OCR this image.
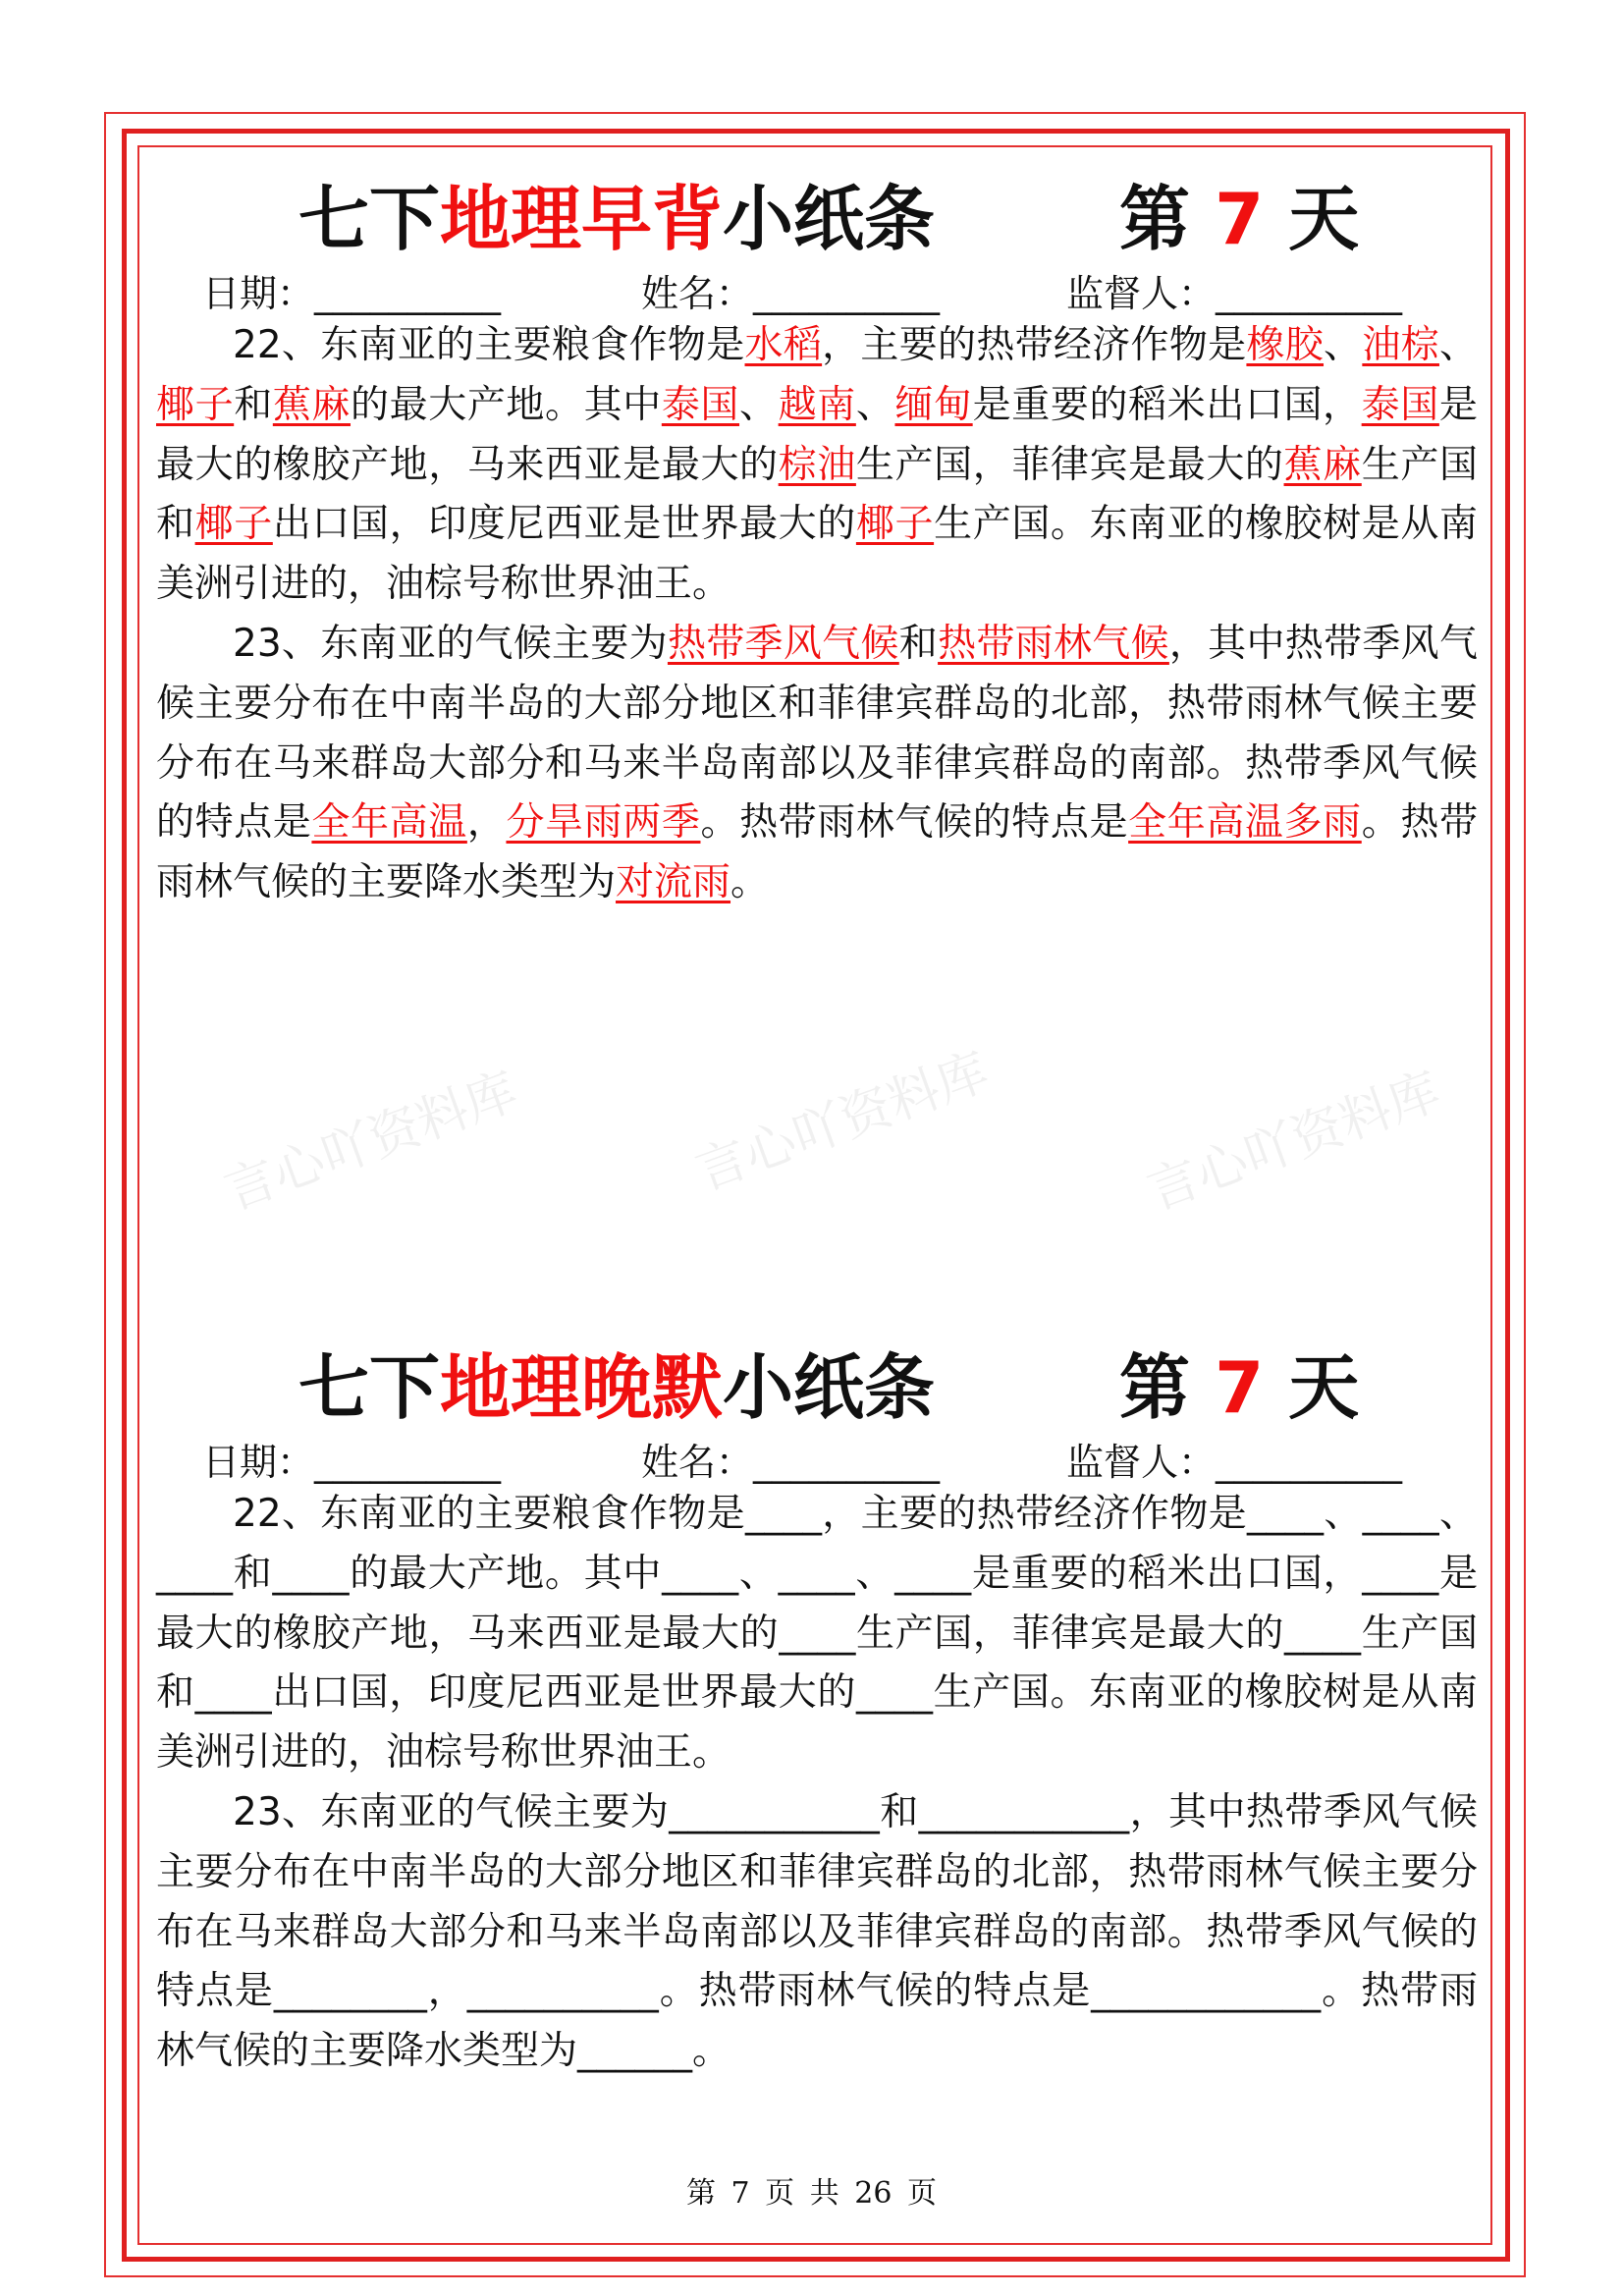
言心吖资料库	言心吖资料库	言心吖资料库

七下地理早背小纸条

	第 7 天

日期：__________	姓名：__________	监督人：__________

22、东南亚的主要粮食作物是水稻，主要的热带经济作物是橡胶、油棕、椰子和蕉麻的最大产地。其中泰国、越南、缅甸是重要的稻米出口国，泰国是最大的橡胶产地，马来西亚是最大的棕油生产国，菲律宾是最大的蕉麻生产国和椰子出口国，印度尼西亚是世界最大的椰子生产国。东南亚的橡胶树是从南美洲引进的，油棕号称世界油王。

23、东南亚的气候主要为热带季风气候和热带雨林气候，其中热带季风气候主要分布在中南半岛的大部分地区和菲律宾群岛的北部，热带雨林气候主要分布在马来群岛大部分和马来半岛南部以及菲律宾群岛的南部。热带季风气候的特点是全年高温，分旱雨两季。热带雨林气候的特点是全年高温多雨。热带雨林气候的主要降水类型为对流雨。

七下地理晚默小纸条

	第 7 天

日期：__________	姓名：__________	监督人：__________

22、东南亚的主要粮食作物是____，主要的热带经济作物是____、____、____和____的最大产地。其中____、____、____是重要的稻米出口国，____是最大的橡胶产地，马来西亚是最大的____生产国，菲律宾是最大的____生产国和____出口国，印度尼西亚是世界最大的____生产国。东南亚的橡胶树是从南美洲引进的，油棕号称世界油王。

23、东南亚的气候主要为___________和___________，其中热带季风气候主要分布在中南半岛的大部分地区和菲律宾群岛的北部，热带雨林气候主要分布在马来群岛大部分和马来半岛南部以及菲律宾群岛的南部。热带季风气候的特点是________，__________。热带雨林气候的特点是____________。热带雨林气候的主要降水类型为______。

第 7 页 共 26 页
